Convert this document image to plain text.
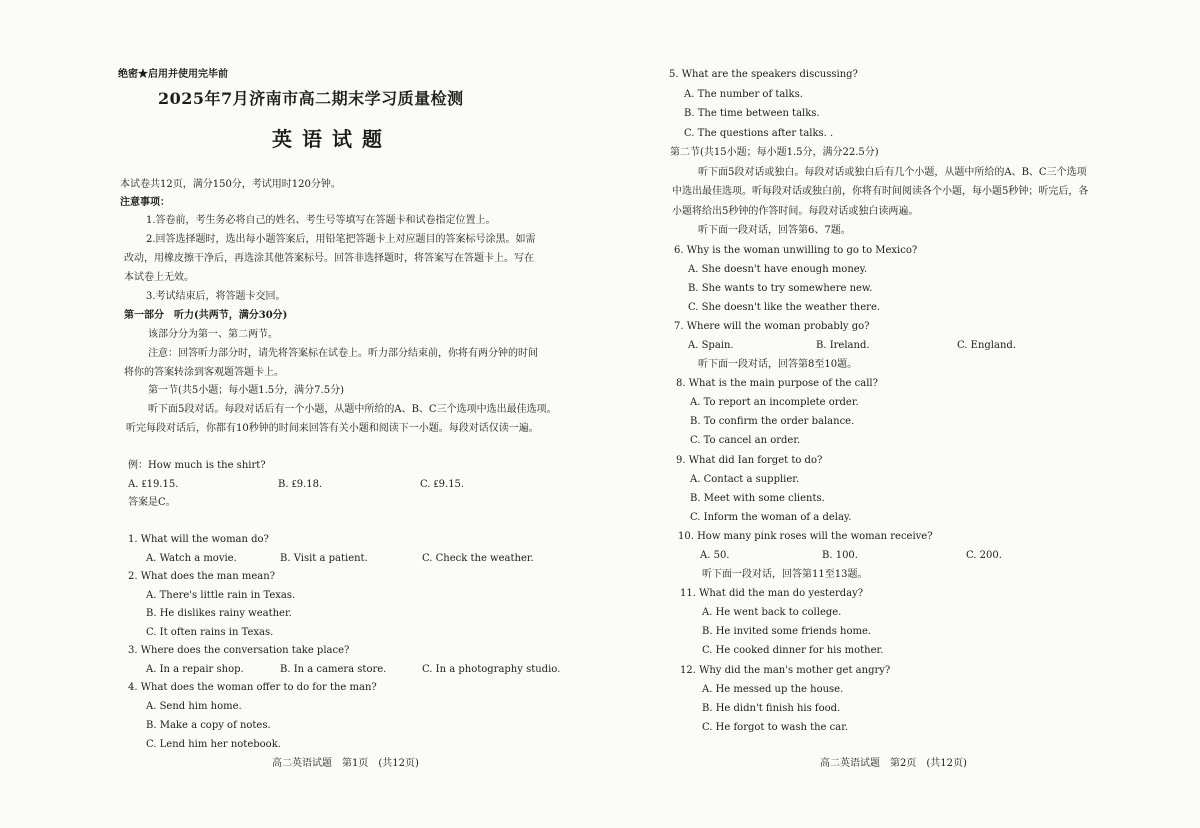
绝密★启用并使用完毕前
2025年7月济南市高二期末学习质量检测
英语试题
本试卷共12页，满分150分，考试用时120分钟。
注意事项：
1.答卷前，考生务必将自己的姓名、考生号等填写在答题卡和试卷指定位置上。
2.回答选择题时，选出每小题答案后，用铅笔把答题卡上对应题目的答案标号涂黑。如需
改动，用橡皮擦干净后，再选涂其他答案标号。回答非选择题时，将答案写在答题卡上。写在
本试卷上无效。
3.考试结束后，将答题卡交回。
第一部分　听力(共两节，满分30分)
该部分分为第一、第二两节。
注意：回答听力部分时，请先将答案标在试卷上。听力部分结束前，你将有两分钟的时间
将你的答案转涂到客观题答题卡上。
第一节(共5小题；每小题1.5分，满分7.5分)
听下面5段对话。每段对话后有一个小题，从题中所给的A、B、C三个选项中选出最佳选项。
听完每段对话后，你都有10秒钟的时间来回答有关小题和阅读下一小题。每段对话仅读一遍。
例：How much is the shirt?
A. ₤19.15.	B. ₤9.18.	C. ₤9.15.
答案是C。
1. What will the woman do?
A. Watch a movie.	B. Visit a patient.	C. Check the weather.
2. What does the man mean?
A. There's little rain in Texas.
B. He dislikes rainy weather.
C. It often rains in Texas.
3. Where does the conversation take place?
A. In a repair shop.	B. In a camera store.	C. In a photography studio.
4. What does the woman offer to do for the man?
A. Send him home.
B. Make a copy of notes.
C. Lend him her notebook.
高二英语试题　第1页　(共12页)
5. What are the speakers discussing?
A. The number of talks.
B. The time between talks.
C. The questions after talks. .
第二节(共15小题；每小题1.5分，满分22.5分)
听下面5段对话或独白。每段对话或独白后有几个小题，从题中所给的A、B、C三个选项
中选出最佳选项。听每段对话或独白前，你将有时间阅读各个小题，每小题5秒钟；听完后，各
小题将给出5秒钟的作答时间。每段对话或独白读两遍。
听下面一段对话，回答第6、7题。
6. Why is the woman unwilling to go to Mexico?
A. She doesn't have enough money.
B. She wants to try somewhere new.
C. She doesn't like the weather there.
7. Where will the woman probably go?
A. Spain.	B. Ireland.	C. England.
听下面一段对话，回答第8至10题。
8. What is the main purpose of the call?
A. To report an incomplete order.
B. To confirm the order balance.
C. To cancel an order.
9. What did Ian forget to do?
A. Contact a supplier.
B. Meet with some clients.
C. Inform the woman of a delay.
10. How many pink roses will the woman receive?
A. 50.	B. 100.	C. 200.
听下面一段对话，回答第11至13题。
11. What did the man do yesterday?
A. He went back to college.
B. He invited some friends home.
C. He cooked dinner for his mother.
12. Why did the man's mother get angry?
A. He messed up the house.
B. He didn't finish his food.
C. He forgot to wash the car.
高二英语试题　第2页　(共12页)
